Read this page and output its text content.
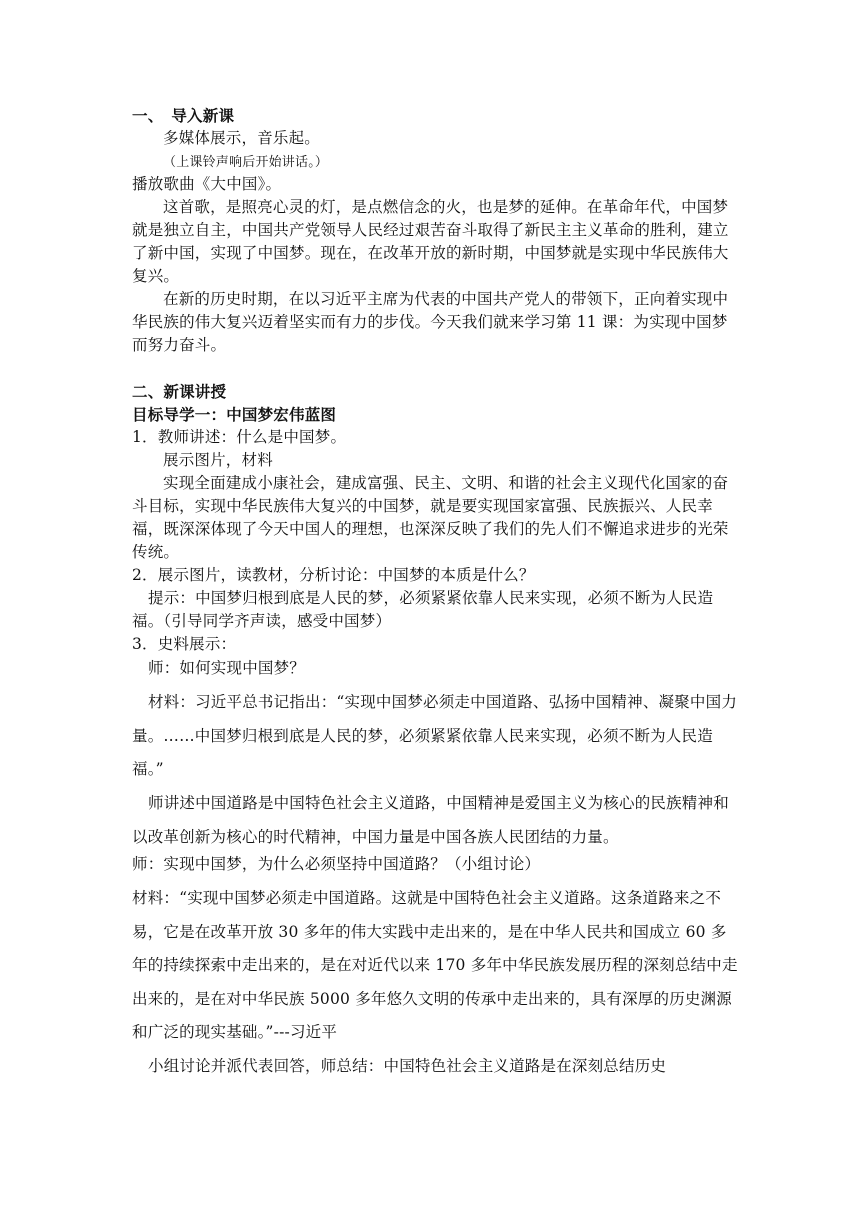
一、　导入新课

多媒体展示，音乐起。

（上课铃声响后开始讲话。）

播放歌曲《大中国》。

这首歌，是照亮心灵的灯，是点燃信念的火，也是梦的延伸。在革命年代，中国梦就是独立自主，中国共产党领导人民经过艰苦奋斗取得了新民主主义革命的胜利，建立了新中国，实现了中国梦。现在，在改革开放的新时期，中国梦就是实现中华民族伟大复兴。

在新的历史时期，在以习近平主席为代表的中国共产党人的带领下，正向着实现中华民族的伟大复兴迈着坚实而有力的步伐。今天我们就来学习第 11 课：为实现中国梦而努力奋斗。

二、新课讲授

目标导学一：中国梦宏伟蓝图

1．教师讲述：什么是中国梦。

展示图片，材料

实现全面建成小康社会，建成富强、民主、文明、和谐的社会主义现代化国家的奋斗目标，实现中华民族伟大复兴的中国梦，就是要实现国家富强、民族振兴、人民幸福，既深深体现了今天中国人的理想，也深深反映了我们的先人们不懈追求进步的光荣传统。

2．展示图片，读教材，分析讨论：中国梦的本质是什么？

提示：中国梦归根到底是人民的梦，必须紧紧依靠人民来实现，必须不断为人民造福。（引导同学齐声读，感受中国梦）

3．史料展示：

师：如何实现中国梦？

材料：习近平总书记指出：“实现中国梦必须走中国道路、弘扬中国精神、凝聚中国力量。……中国梦归根到底是人民的梦，必须紧紧依靠人民来实现，必须不断为人民造福。”

师讲述中国道路是中国特色社会主义道路，中国精神是爱国主义为核心的民族精神和以改革创新为核心的时代精神，中国力量是中国各族人民团结的力量。

师：实现中国梦，为什么必须坚持中国道路？（小组讨论）

材料：“实现中国梦必须走中国道路。这就是中国特色社会主义道路。这条道路来之不易，它是在改革开放 30 多年的伟大实践中走出来的，是在中华人民共和国成立 60 多年的持续探索中走出来的，是在对近代以来 170 多年中华民族发展历程的深刻总结中走出来的，是在对中华民族 5000 多年悠久文明的传承中走出来的，具有深厚的历史渊源和广泛的现实基础。”---习近平

小组讨论并派代表回答，师总结：中国特色社会主义道路是在深刻总结历史
